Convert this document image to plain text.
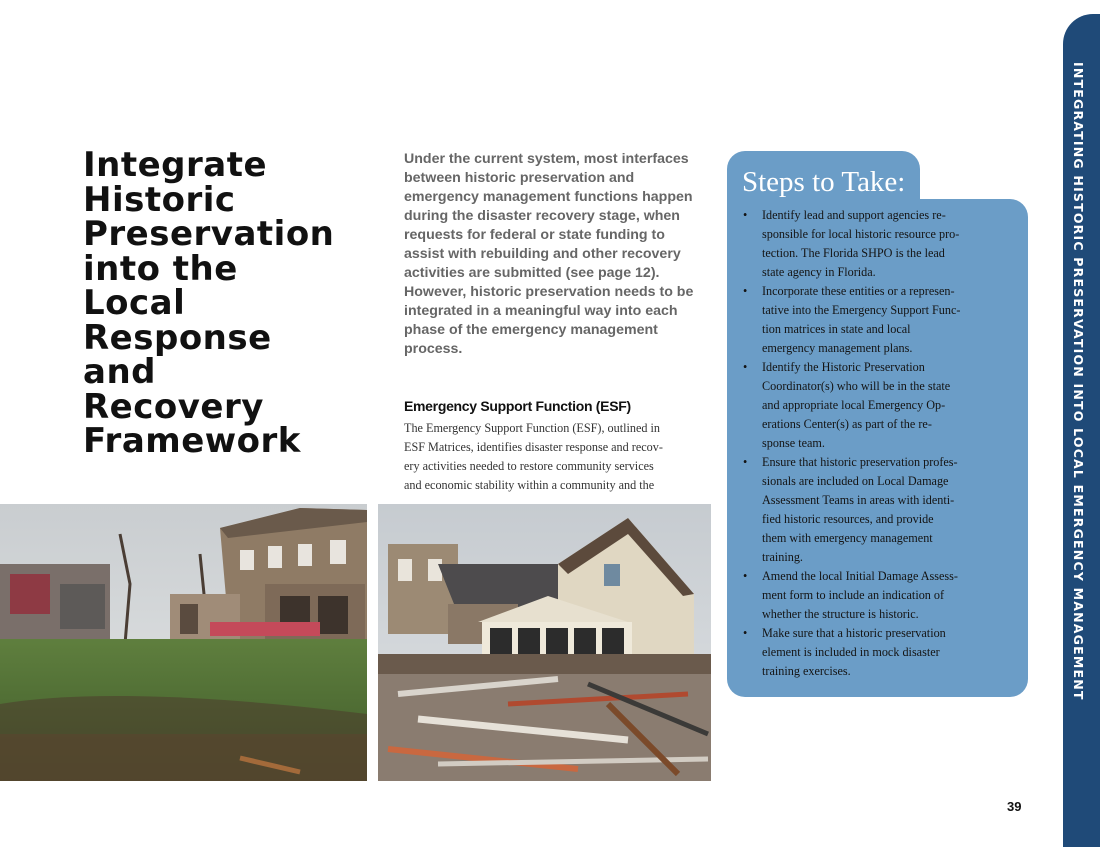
INTEGRATING HISTORIC PRESERVATION INTO LOCAL EMERGENCY MANAGEMENT
Integrate
Historic
Preservation
into the
Local
Response
and
Recovery
Framework

Under the current system, most interfaces between historic preservation and emergency management functions happen during the disaster recovery stage, when requests for federal or state funding to assist with rebuilding and other recovery activities are submitted (see page 12). However, historic preservation needs to be integrated in a meaningful way into each phase of the emergency management process.

Emergency Support Function (ESF)

The Emergency Support Function (ESF), outlined in
ESF Matrices, identifies disaster response and recov-
ery activities needed to restore community services
and economic stability within a community and the

Steps to Take:
• Identify lead and support agencies re-
sponsible for local historic resource pro-
tection. The Florida SHPO is the lead
state agency in Florida.
• Incorporate these entities or a represen-
tative into the Emergency Support Func-
tion matrices in state and local
emergency management plans.
• Identify the Historic Preservation
Coordinator(s) who will be in the state
and appropriate local Emergency Op-
erations Center(s) as part of the re-
sponse team.
• Ensure that historic preservation profes-
sionals are included on Local Damage
Assessment Teams in areas with identi-
fied historic resources, and provide
them with emergency management
training.
• Amend the local Initial Damage Assess-
ment form to include an indication of
whether the structure is historic.
• Make sure that a historic preservation
element is included in mock disaster
training exercises.
39
